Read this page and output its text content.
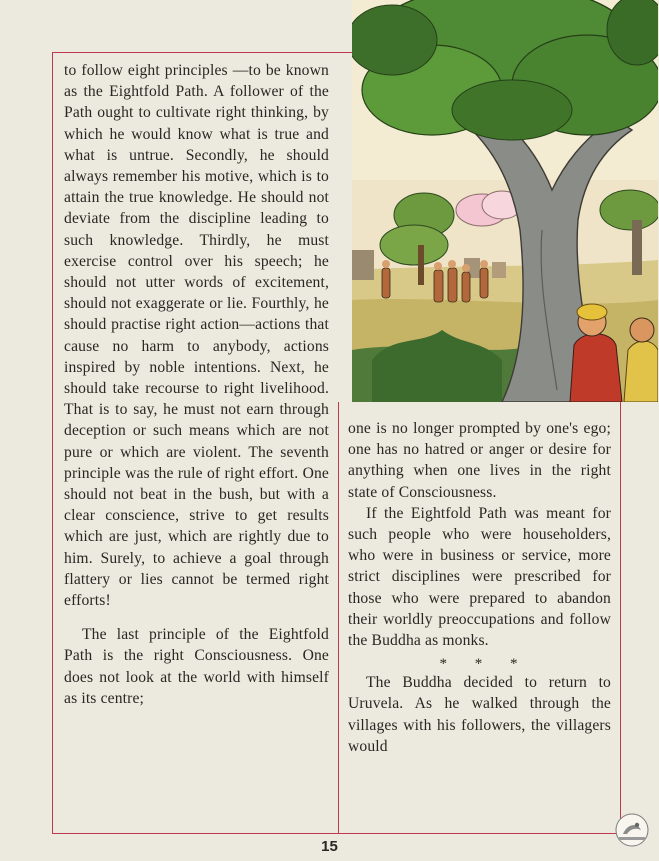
to follow eight principles —to be known as the Eightfold Path. A follower of the Path ought to cultivate right thinking, by which he would know what is true and what is untrue. Secondly, he should always remember his motive, which is to attain the true knowledge. He should not deviate from the discipline leading to such knowledge. Thirdly, he must exercise control over his speech; he should not utter words of excitement, should not exaggerate or lie. Fourthly, he should practise right action—actions that cause no harm to anybody, actions inspired by noble intentions. Next, he should take recourse to right livelihood. That is to say, he must not earn through deception or such means which are not pure or which are violent. The seventh principle was the rule of right effort. One should not beat in the bush, but with a clear conscience, strive to get results which are just, which are rightly due to him. Surely, to achieve a goal through flattery or lies cannot be termed right efforts!

The last principle of the Eightfold Path is the right Consciousness. One does not look at the world with himself as its centre;

one is no longer prompted by one's ego; one has no hatred or anger or desire for anything when one lives in the right state of Consciousness.

If the Eightfold Path was meant for such people who were householders, who were in business or service, more strict disciplines were prescribed for those who were prepared to abandon their worldly preoccupations and follow the Buddha as monks.

* * *

The Buddha decided to return to Uruvela. As he walked through the villages with his followers, the villagers would

15
